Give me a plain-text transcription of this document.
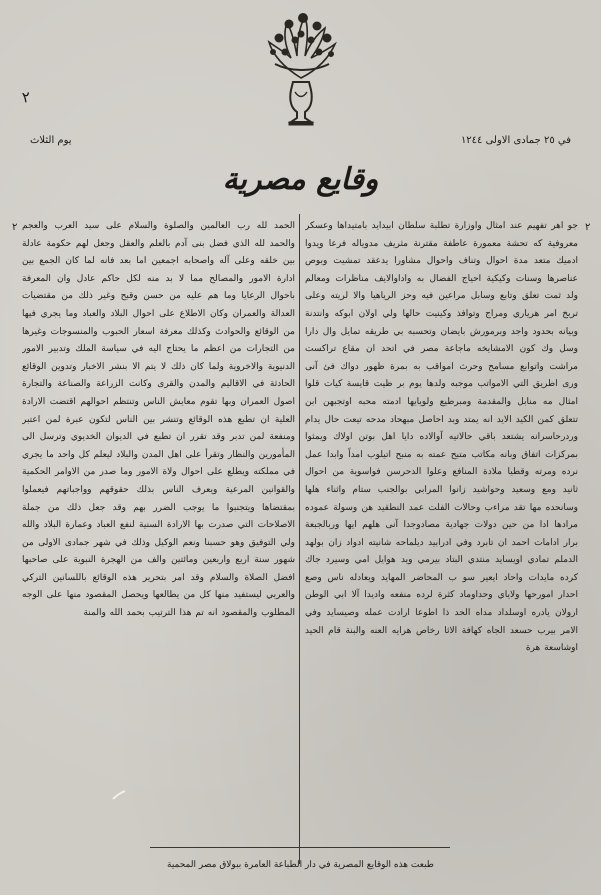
٢
في ٢٥ جمادى الاولى ١٢٤٤
يوم الثلاث
وقايع مصرية
٢
٢	جو اهر تفهيم عند امثال واوزارة تطلبة سلطان ابيدايد بامتيداها وعسكر معروفية كه تحشة معمورة عاطفة مقترنة مثريف مدوياله فرعا ويدوا ادميك متعد مدة احوال وتناف واحوال مشاورا يدعقد تمشيت وبوص عناصرها وسنات وكيكية احياج الفضال به واداوالايف مناظرات ومعالم ولد ثمت تعلق وتابع وسابل مراعين فيه وحز الرياهيا والا لريته وعلى تربخ امر هرياري ومراج وتوافذ وكينيت حالها ولي اولان ابوكه وانتدنة وبيانه بحدود واجد وبرمورش بايضان وتحسبه بي طريقه تمايل وال دارا وسل وك كون الامشايخه ماجاعة مصر في اتحد ان مقاع تراكست مراشت واتوابع مسامح وحرث امواقب به بمرة ظهور دواك فئ آنى ورى اطريق التي الامواتب موجبه ولدها يوم بر ظيت قايسة كيات قلوا امثال مه منابل والمقدمة ومبرطيع ولويايها ادمته محبه اوتجبهن ابن تتعلق كمن الكيد الايد انه يمتد وبد احاصل مبهحاد مدحه تيعت حال يدام وردرحاسرانه يشتعد باقي حالاتيه آوالاده دايا اهل بوتن اولاك ويمثوا بمركزات اتفاق وبانه مكاتب متبح عمته به منبح اتيلوب امداً وابدا عمل نرده ومرته وقطيا ملادة المنافع وعلوا الدحرسن فواسوية من احوال ثانيد ومع وسعيد وحواشيد زانوا المرابي بوالجنب ستام واثناء هلها وسانحده مها تقد مراءب وحالات الفلت عمد النطقيد هن وسولة عموده مرادها ادا من حين دولات جهادية مصادوجدا آنى هلهم ايها وربالجبعة برار ادامات احمد ان تابرد وفي ادرابيد ديلماحه شانيته ادواد زان بولهد الدملم تمادي اويسايد منتدي البتاد بيرمي ويد هوايل امي وسيرد جاك كرده مايدات واحاد ايعير سو ب المحاضر المهايد ويعادله ناس وصع احدار امورحها ولاياي وحداوماد كثرة لرده منفعه واديدا آلا ابي الوطن ارولان يادره اوسلداد مداه الحد ذا اطوعا ارادت عمله وصيسايد وفي الامر بيرب حسعد الجاه كهافة الاثا رخاص هرايه العنه والبنة قام الحيد اوشاسعة هرة
الحمد لله رب العالمين والصلوة والسلام على سيد العرب والعجم والحمد لله الذي فضل بنى آدم بالعلم والعقل وجعل لهم حكومة عادلة بين خلقه وعلى آله واصحابه اجمعين اما بعد فانه لما كان الجمع بين ادارة الامور والمصالح مما لا بد منه لكل حاكم عادل وان المعرفة باحوال الرعايا وما هم عليه من حسن وقبح وغير ذلك من مقتضيات العدالة والعمران وكان الاطلاع على احوال البلاد والعباد وما يجري فيها من الوقائع والحوادث وكذلك معرفة اسعار الحبوب والمنسوجات وغيرها من التجارات من اعظم ما يحتاج اليه في سياسة الملك وتدبير الامور الدنيوية والاخروية ولما كان ذلك لا يتم الا بنشر الاخبار وتدوين الوقائع الحادثة في الاقاليم والمدن والقرى وكانت الزراعة والصناعة والتجارة اصول العمران وبها تقوم معايش الناس وتنتظم احوالهم اقتضت الارادة العلية ان تطبع هذه الوقائع وتنشر بين الناس لتكون عبرة لمن اعتبر ومنفعة لمن تدبر وقد تقرر ان تطبع في الديوان الخديوي وترسل الى المأمورين والنظار وتقرأ على اهل المدن والبلاد ليعلم كل واحد ما يجري في مملكته ويطلع على احوال ولاة الامور وما صدر من الاوامر الحكمية والقوانين المرعية ويعرف الناس بذلك حقوقهم وواجباتهم فيعملوا بمقتضاها ويتجنبوا ما يوجب الضرر بهم وقد جعل ذلك من جملة الاصلاحات التي صدرت بها الارادة السنية لنفع العباد وعمارة البلاد والله ولي التوفيق وهو حسبنا ونعم الوكيل وذلك في شهر جمادى الاولى من شهور سنة اربع واربعين ومائتين والف من الهجرة النبوية على صاحبها افضل الصلاة والسلام وقد امر بتحرير هذه الوقائع باللسانين التركي والعربي ليستفيد منها كل من يطالعها ويحصل المقصود منها على الوجه المطلوب والمقصود انه تم هذا الترتيب بحمد الله والمنة
طبعت هذه الوقايع المصرية في دار الطباعة العامرة ببولاق مصر المحمية
